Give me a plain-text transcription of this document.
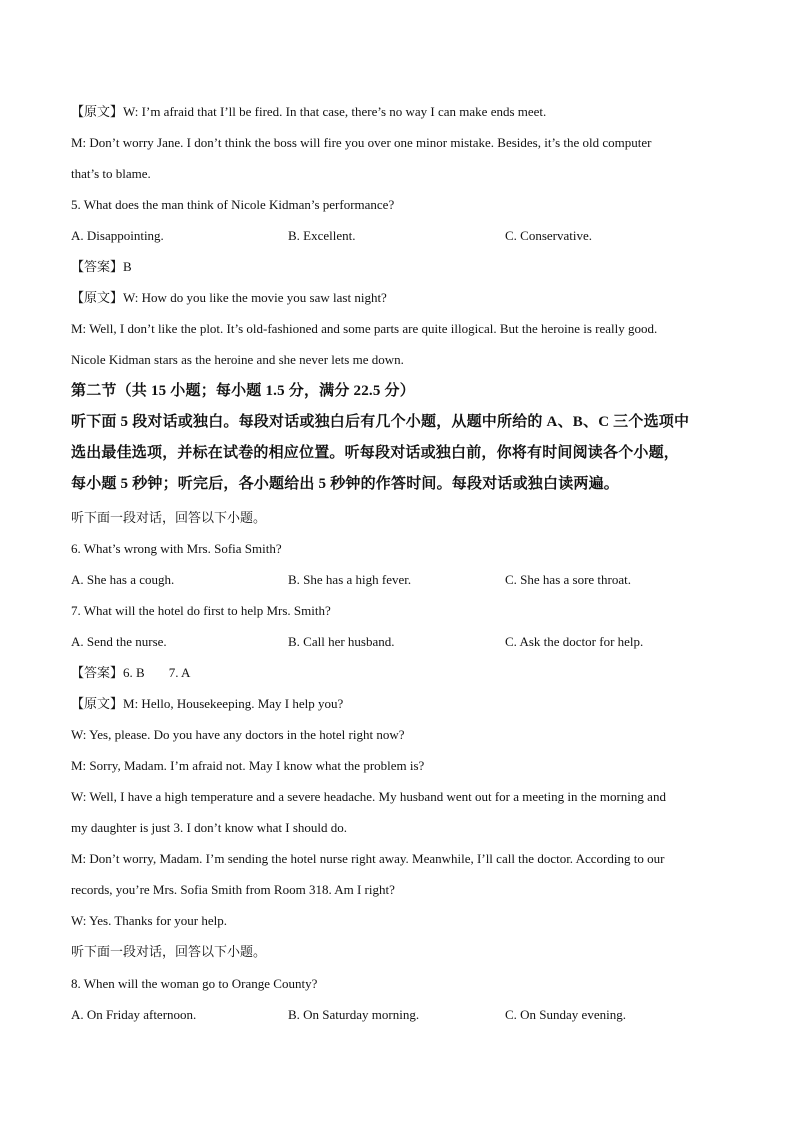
【原文】W: I’m afraid that I’ll be fired. In that case, there’s no way I can make ends meet.
M: Don’t worry Jane. I don’t think the boss will fire you over one minor mistake. Besides, it’s the old computer
that’s to blame.
5. What does the man think of Nicole Kidman’s performance?
A. Disappointing.	B. Excellent.	C. Conservative.
【答案】B
【原文】W: How do you like the movie you saw last night?
M: Well, I don’t like the plot. It’s old-fashioned and some parts are quite illogical. But the heroine is really good.
Nicole Kidman stars as the heroine and she never lets me down.
第二节（共 15 小题；每小题 1.5 分，满分 22.5 分）
听下面 5 段对话或独白。每段对话或独白后有几个小题，从题中所给的 A、B、C 三个选项中
选出最佳选项，并标在试卷的相应位置。听每段对话或独白前，你将有时间阅读各个小题，
每小题 5 秒钟；听完后，各小题给出 5 秒钟的作答时间。每段对话或独白读两遍。
听下面一段对话，回答以下小题。
6. What’s wrong with Mrs. Sofia Smith?
A. She has a cough.	B. She has a high fever.	C. She has a sore throat.
7. What will the hotel do first to help Mrs. Smith?
A. Send the nurse.	B. Call her husband.	C. Ask the doctor for help.
【答案】6. B 7. A
【原文】M: Hello, Housekeeping. May I help you?
W: Yes, please. Do you have any doctors in the hotel right now?
M: Sorry, Madam. I’m afraid not. May I know what the problem is?
W: Well, I have a high temperature and a severe headache. My husband went out for a meeting in the morning and
my daughter is just 3. I don’t know what I should do.
M: Don’t worry, Madam. I’m sending the hotel nurse right away. Meanwhile, I’ll call the doctor. According to our
records, you’re Mrs. Sofia Smith from Room 318. Am I right?
W: Yes. Thanks for your help.
听下面一段对话，回答以下小题。
8. When will the woman go to Orange County?
A. On Friday afternoon.	B. On Saturday morning.	C. On Sunday evening.
